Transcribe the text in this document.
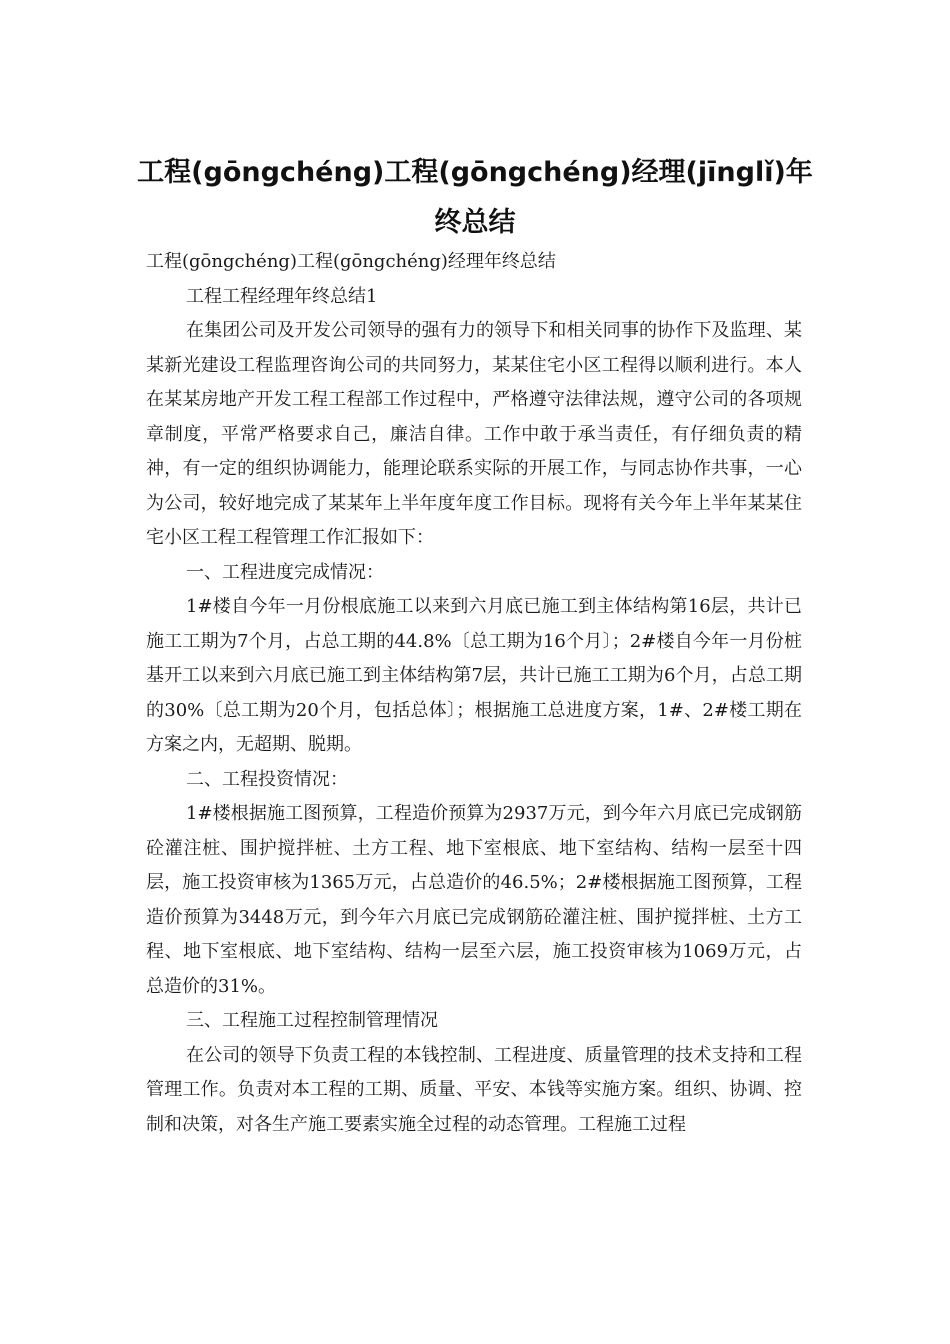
工程(gōngchéng)工程(gōngchéng)经理(jīnglǐ)年终总结

工程(gōngchéng)工程(gōngchéng)经理年终总结

工程工程经理年终总结1

在集团公司及开发公司领导的强有力的领导下和相关同事的协作下及监理、某某新光建设工程监理咨询公司的共同努力，某某住宅小区工程得以顺利进行。本人在某某房地产开发工程工程部工作过程中，严格遵守法律法规，遵守公司的各项规章制度，平常严格要求自己，廉洁自律。工作中敢于承当责任，有仔细负责的精神，有一定的组织协调能力，能理论联系实际的开展工作，与同志协作共事，一心为公司，较好地完成了某某年上半年度年度工作目标。现将有关今年上半年某某住宅小区工程工程管理工作汇报如下：

一、工程进度完成情况：

1#楼自今年一月份根底施工以来到六月底已施工到主体结构第16层，共计已施工工期为7个月，占总工期的44.8%〔总工期为16个月〕；2#楼自今年一月份桩基开工以来到六月底已施工到主体结构第7层，共计已施工工期为6个月，占总工期的30%〔总工期为20个月，包括总体〕；根据施工总进度方案，1#、2#楼工期在方案之内，无超期、脱期。

二、工程投资情况：

1#楼根据施工图预算，工程造价预算为2937万元，到今年六月底已完成钢筋砼灌注桩、围护搅拌桩、土方工程、地下室根底、地下室结构、结构一层至十四层，施工投资审核为1365万元，占总造价的46.5%；2#楼根据施工图预算，工程造价预算为3448万元，到今年六月底已完成钢筋砼灌注桩、围护搅拌桩、土方工程、地下室根底、地下室结构、结构一层至六层，施工投资审核为1069万元，占总造价的31%。

三、工程施工过程控制管理情况

在公司的领导下负责工程的本钱控制、工程进度、质量管理的技术支持和工程管理工作。负责对本工程的工期、质量、平安、本钱等实施方案。组织、协调、控制和决策，对各生产施工要素实施全过程的动态管理。工程施工过程
